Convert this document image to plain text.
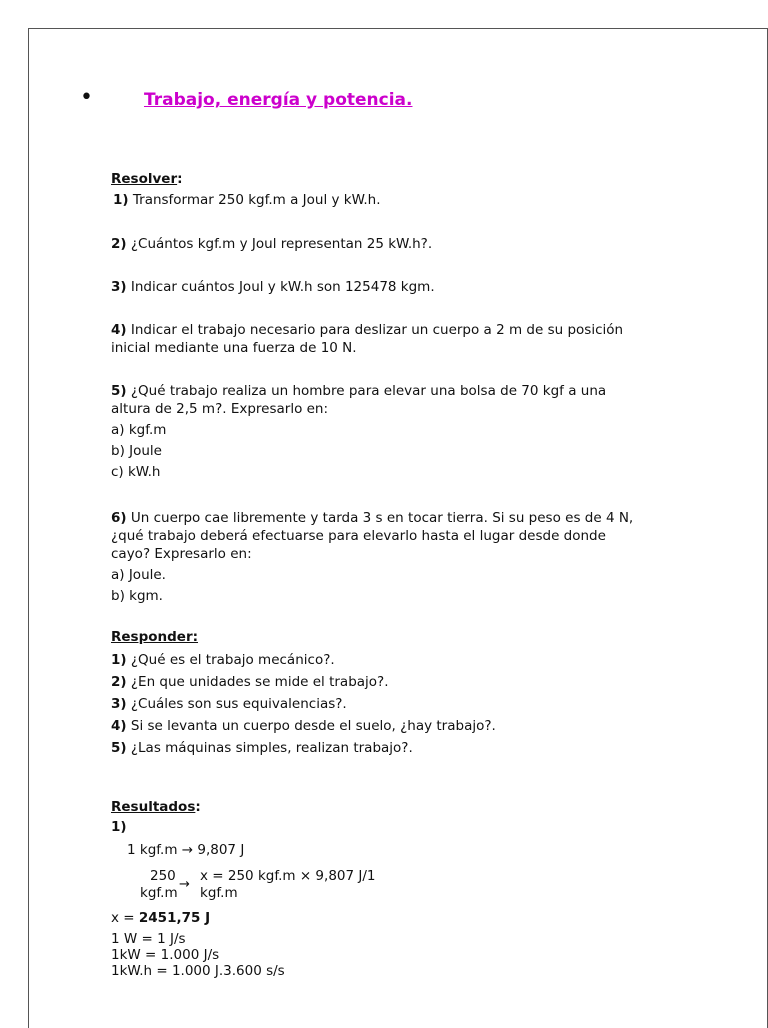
•	Trabajo, energía y potencia.
Resolver:
1) Transformar 250 kgf.m a Joul y kW.h.
2) ¿Cuántos kgf.m y Joul representan 25 kW.h?.
3) Indicar cuántos Joul y kW.h son 125478 kgm.
4) Indicar el trabajo necesario para deslizar un cuerpo a 2 m de su posición
inicial mediante una fuerza de 10 N.
5) ¿Qué trabajo realiza un hombre para elevar una bolsa de 70 kgf a una
altura de 2,5 m?. Expresarlo en:
a) kgf.m
b) Joule
c) kW.h
6) Un cuerpo cae libremente y tarda 3 s en tocar tierra. Si su peso es de 4 N,
¿qué trabajo deberá efectuarse para elevarlo hasta el lugar desde donde
cayo? Expresarlo en:
a) Joule.
b) kgm.
Responder:
1) ¿Qué es el trabajo mecánico?.
2) ¿En que unidades se mide el trabajo?.
3) ¿Cuáles son sus equivalencias?.
4) Si se levanta un cuerpo desde el suelo, ¿hay trabajo?.
5) ¿Las máquinas simples, realizan trabajo?.
Resultados:
1)
1 kgf.m → 9,807 J
250
kgf.m
→
x = 250 kgf.m × 9,807 J/1
kgf.m
x = 2451,75 J
1 W = 1 J/s
1kW = 1.000 J/s
1kW.h = 1.000 J.3.600 s/s
